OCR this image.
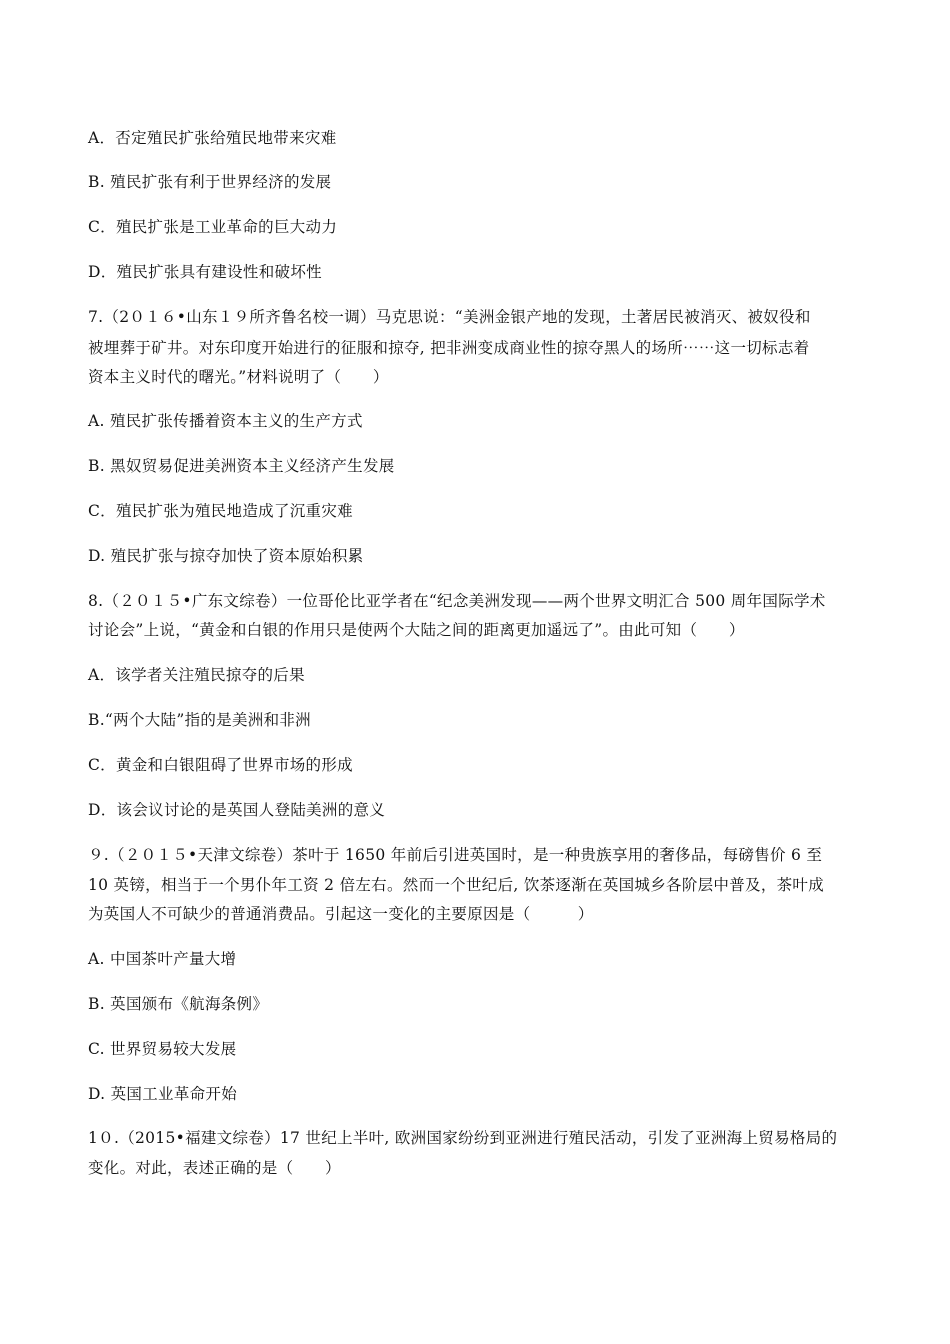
A．否定殖民扩张给殖民地带来灾难
B. 殖民扩张有利于世界经济的发展
C．殖民扩张是工业革命的巨大动力
D．殖民扩张具有建设性和破坏性
7.（2０１６•山东１９所齐鲁名校一调）马克思说：“美洲金银产地的发现，土著居民被消灭、被奴役和
被埋葬于矿井。对东印度开始进行的征服和掠夺, 把非洲变成商业性的掠夺黑人的场所⋯⋯这一切标志着
资本主义时代的曙光。”材料说明了（　　）
A. 殖民扩张传播着资本主义的生产方式
B. 黑奴贸易促进美洲资本主义经济产生发展
C．殖民扩张为殖民地造成了沉重灾难
D. 殖民扩张与掠夺加快了资本原始积累
8.（２０１５•广东文综卷）一位哥伦比亚学者在“纪念美洲发现——两个世界文明汇合 500 周年国际学术
讨论会”上说，“黄金和白银的作用只是使两个大陆之间的距离更加遥远了”。由此可知（　　）
A．该学者关注殖民掠夺的后果
B.“两个大陆”指的是美洲和非洲
C．黄金和白银阻碍了世界市场的形成
D．该会议讨论的是英国人登陆美洲的意义
９.（２０１５•天津文综卷）茶叶于 1650 年前后引进英国时，是一种贵族享用的奢侈品，每磅售价 6 至
10 英镑，相当于一个男仆年工资 2 倍左右。然而一个世纪后, 饮茶逐渐在英国城乡各阶层中普及，茶叶成
为英国人不可缺少的普通消费品。引起这一变化的主要原因是（　　　）
A. 中国茶叶产量大增
B. 英国颁布《航海条例》
C. 世界贸易较大发展
D. 英国工业革命开始
1０.（2015•福建文综卷）17 世纪上半叶, 欧洲国家纷纷到亚洲进行殖民活动，引发了亚洲海上贸易格局的
变化。对此，表述正确的是（　　）
